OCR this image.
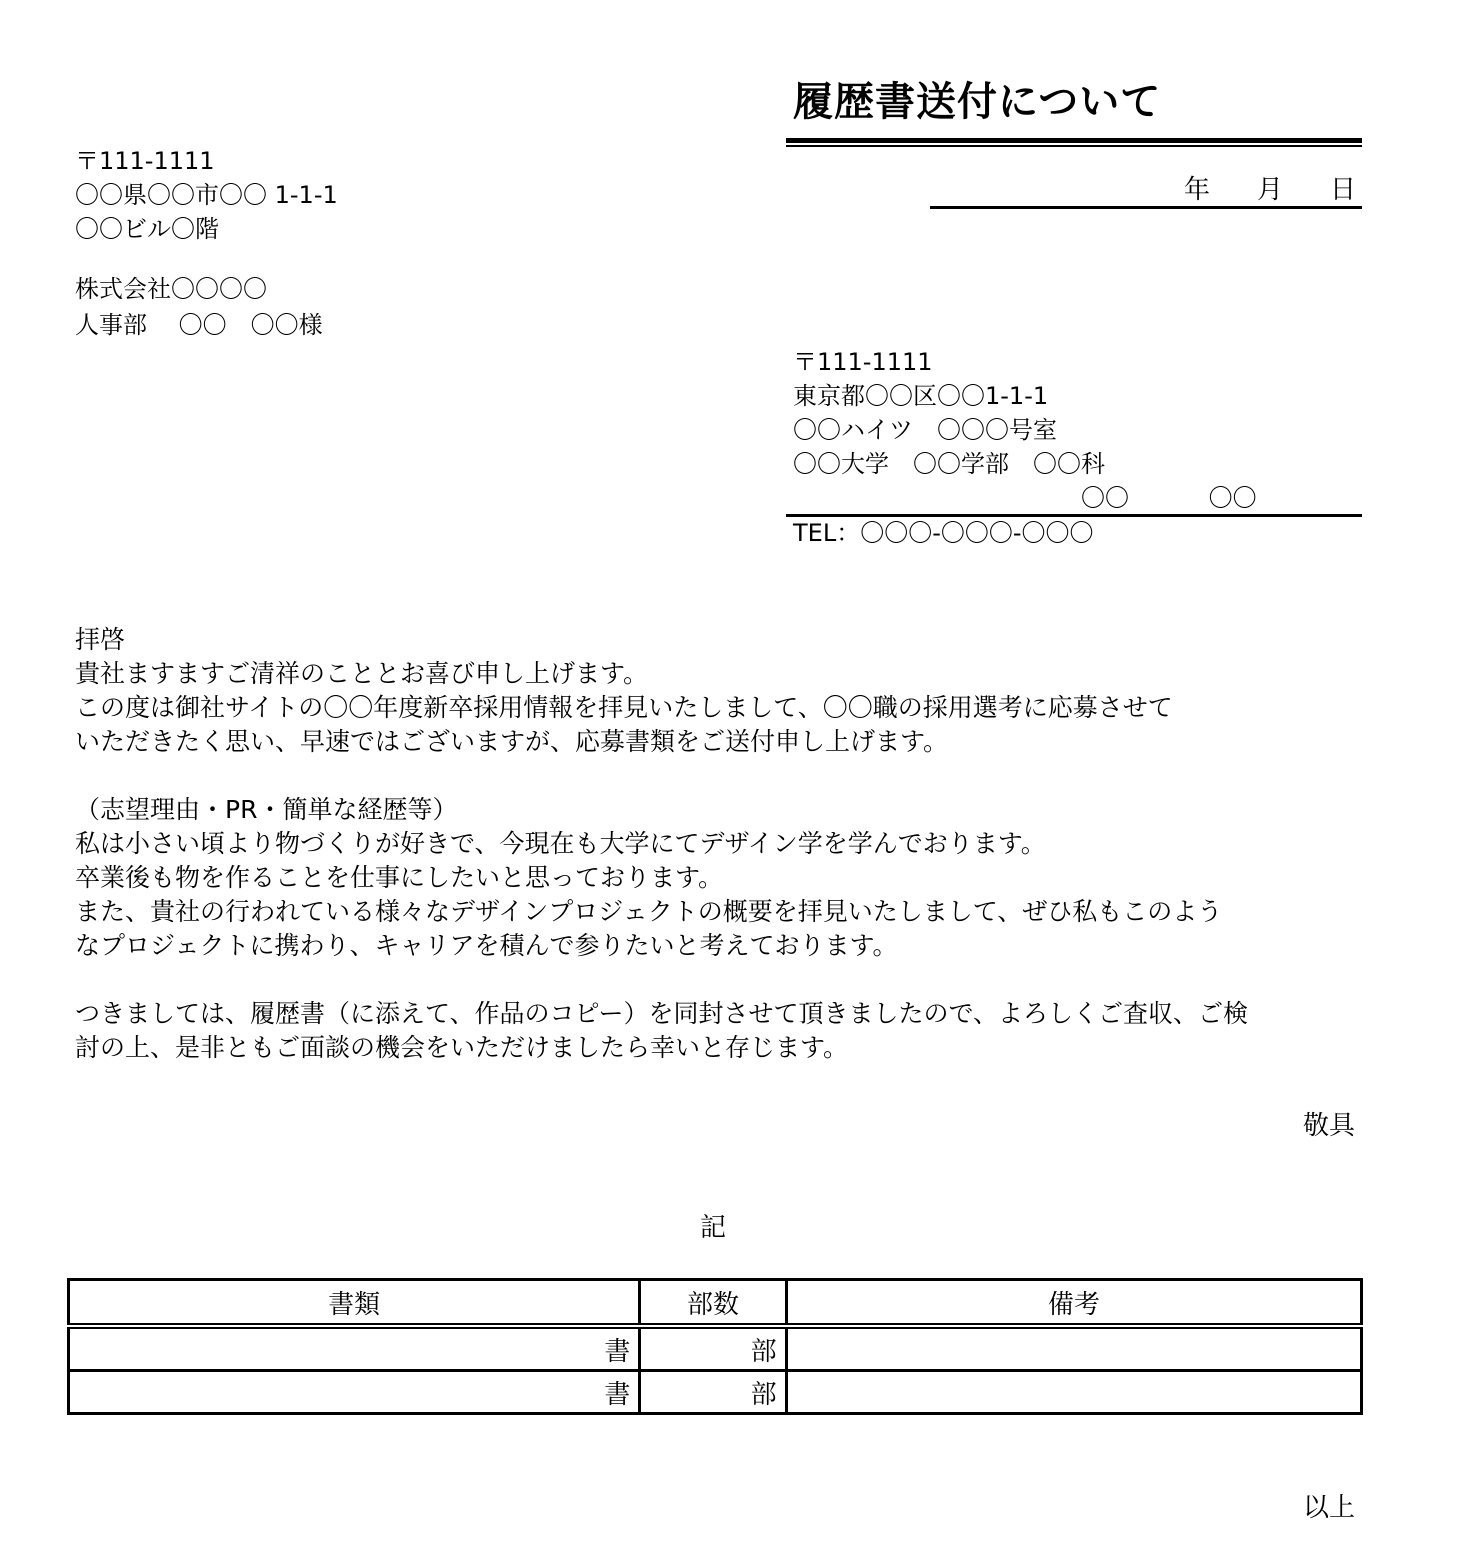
履歴書送付について
年 月 日
〒111-1111
〇〇県〇〇市〇〇 1-1-1
〇〇ビル〇階
株式会社〇〇〇〇
人事部　 〇〇　〇〇様
〒111-1111
東京都〇〇区〇〇1-1-1
〇〇ハイツ　〇〇〇号室
〇〇大学　〇〇学部　〇〇科
〇〇　　　 〇〇
TEL：〇〇〇-〇〇〇-〇〇〇
拝啓
貴社ますますご清祥のこととお喜び申し上げます。
この度は御社サイトの〇〇年度新卒採用情報を拝見いたしまして、〇〇職の採用選考に応募させて
いただきたく思い、早速ではございますが、応募書類をご送付申し上げます。
（志望理由・PR・簡単な経歴等）
私は小さい頃より物づくりが好きで、今現在も大学にてデザイン学を学んでおります。
卒業後も物を作ることを仕事にしたいと思っております。
また、貴社の行われている様々なデザインプロジェクトの概要を拝見いたしまして、ぜひ私もこのよう
なプロジェクトに携わり、キャリアを積んで参りたいと考えております。
つきましては、履歴書（に添えて、作品のコピー）を同封させて頂きましたので、よろしくご査収、ご検
討の上、是非ともご面談の機会をいただけましたら幸いと存じます。
敬具
記
書類	部数	備考
書	部	
書	部	
以上
